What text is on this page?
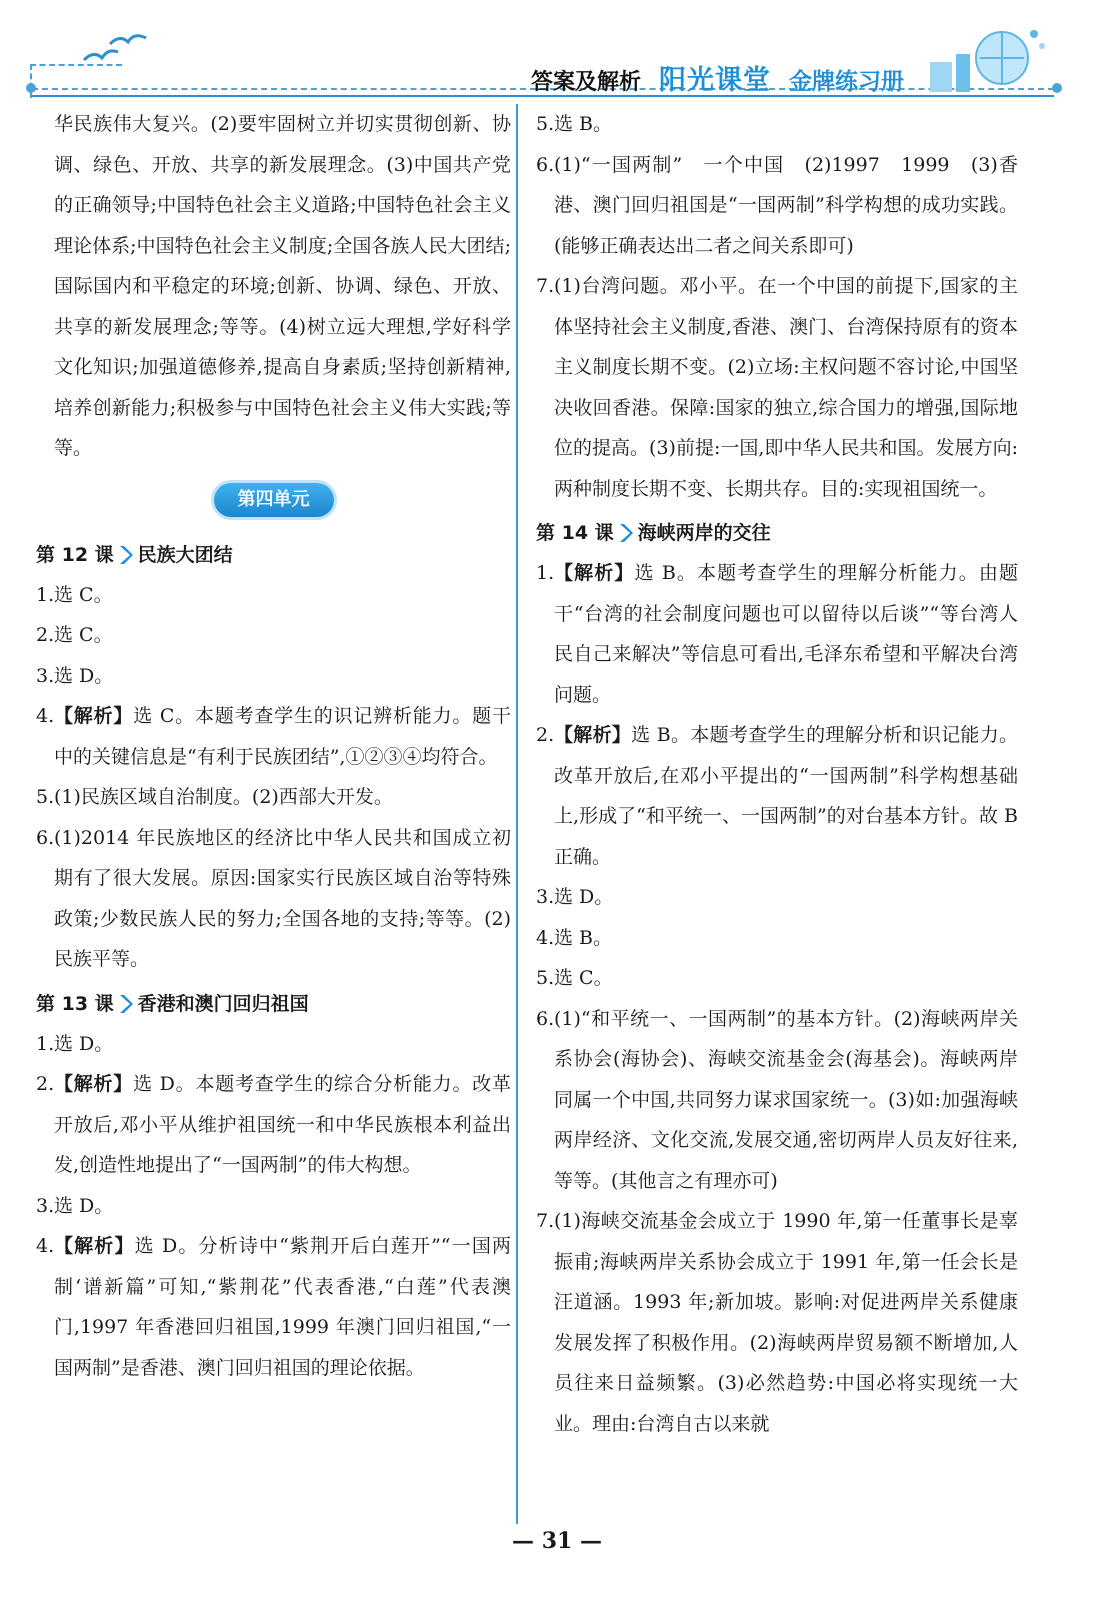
答案及解析 阳光课堂 金牌练习册
华民族伟大复兴。(2)要牢固树立并切实贯彻创新、协调、绿色、开放、共享的新发展理念。(3)中国共产党的正确领导;中国特色社会主义道路;中国特色社会主义理论体系;中国特色社会主义制度;全国各族人民大团结;国际国内和平稳定的环境;创新、协调、绿色、开放、共享的新发展理念;等等。(4)树立远大理想,学好科学文化知识;加强道德修养,提高自身素质;坚持创新精神,培养创新能力;积极参与中国特色社会主义伟大实践;等等。
第四单元
第 12 课 民族大团结
1. 选 C。
2. 选 C。
3. 选 D。
4. 【解析】选 C。本题考查学生的识记辨析能力。题干中的关键信息是“有利于民族团结”,①②③④均符合。
5. (1)民族区域自治制度。(2)西部大开发。
6. (1)2014 年民族地区的经济比中华人民共和国成立初期有了很大发展。原因:国家实行民族区域自治等特殊政策;少数民族人民的努力;全国各地的支持;等等。(2)民族平等。
第 13 课 香港和澳门回归祖国
1. 选 D。
2. 【解析】选 D。本题考查学生的综合分析能力。改革开放后,邓小平从维护祖国统一和中华民族根本利益出发,创造性地提出了“一国两制”的伟大构想。
3. 选 D。
4. 【解析】选 D。分析诗中“紫荆开后白莲开”“一国两制‘谱新篇”可知,“紫荆花”代表香港,“白莲”代表澳门,1997 年香港回归祖国,1999 年澳门回归祖国,“一国两制”是香港、澳门回归祖国的理论依据。
5. 选 B。
6. (1)“一国两制”　一个中国　(2)1997　1999　(3)香港、澳门回归祖国是“一国两制”科学构想的成功实践。(能够正确表达出二者之间关系即可)
7. (1)台湾问题。邓小平。在一个中国的前提下,国家的主体坚持社会主义制度,香港、澳门、台湾保持原有的资本主义制度长期不变。(2)立场:主权问题不容讨论,中国坚决收回香港。保障:国家的独立,综合国力的增强,国际地位的提高。(3)前提:一国,即中华人民共和国。发展方向:两种制度长期不变、长期共存。目的:实现祖国统一。
第 14 课 海峡两岸的交往
1. 【解析】选 B。本题考查学生的理解分析能力。由题干“台湾的社会制度问题也可以留待以后谈”“等台湾人民自己来解决”等信息可看出,毛泽东希望和平解决台湾问题。
2. 【解析】选 B。本题考查学生的理解分析和识记能力。改革开放后,在邓小平提出的“一国两制”科学构想基础上,形成了“和平统一、一国两制”的对台基本方针。故 B 正确。
3. 选 D。
4. 选 B。
5. 选 C。
6. (1)“和平统一、一国两制”的基本方针。(2)海峡两岸关系协会(海协会)、海峡交流基金会(海基会)。海峡两岸同属一个中国,共同努力谋求国家统一。(3)如:加强海峡两岸经济、文化交流,发展交通,密切两岸人员友好往来,等等。(其他言之有理亦可)
7. (1)海峡交流基金会成立于 1990 年,第一任董事长是辜振甫;海峡两岸关系协会成立于 1991 年,第一任会长是汪道涵。1993 年;新加坡。影响:对促进两岸关系健康发展发挥了积极作用。(2)海峡两岸贸易额不断增加,人员往来日益频繁。(3)必然趋势:中国必将实现统一大业。理由:台湾自古以来就
— 31 —
